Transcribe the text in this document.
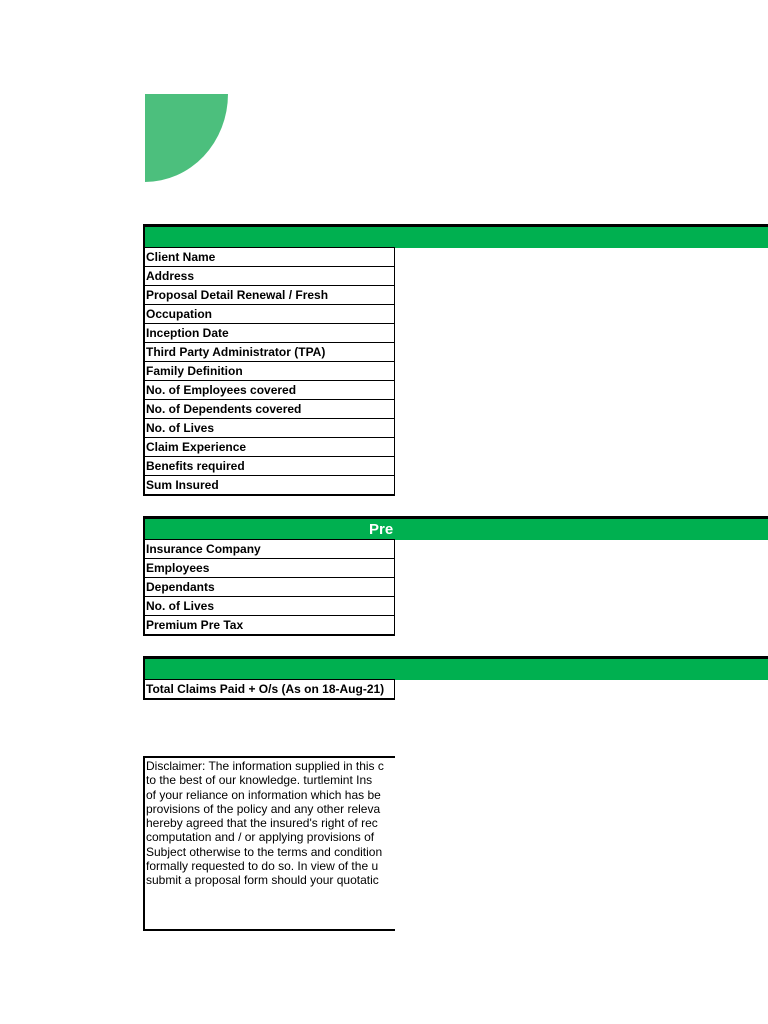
Client Name
Address
Proposal Detail Renewal / Fresh
Occupation
Inception Date
Third Party Administrator (TPA)
Family Definition
No. of Employees covered
No. of Dependents covered
No. of Lives
Claim Experience
Benefits required
Sum Insured
Pre
Insurance Company
Employees
Dependants
No. of Lives
Premium Pre Tax
Total Claims Paid + O/s (As on 18-Aug-21)

Disclaimer: The information supplied in this c
to the best of our knowledge. turtlemint Ins
of your reliance on information which has be
provisions of the policy and any other releva
hereby agreed that the insured's right of rec
computation and / or applying provisions of
Subject otherwise to the terms and condition
formally requested to do so. In view of the u
submit a proposal form should your quotatic
